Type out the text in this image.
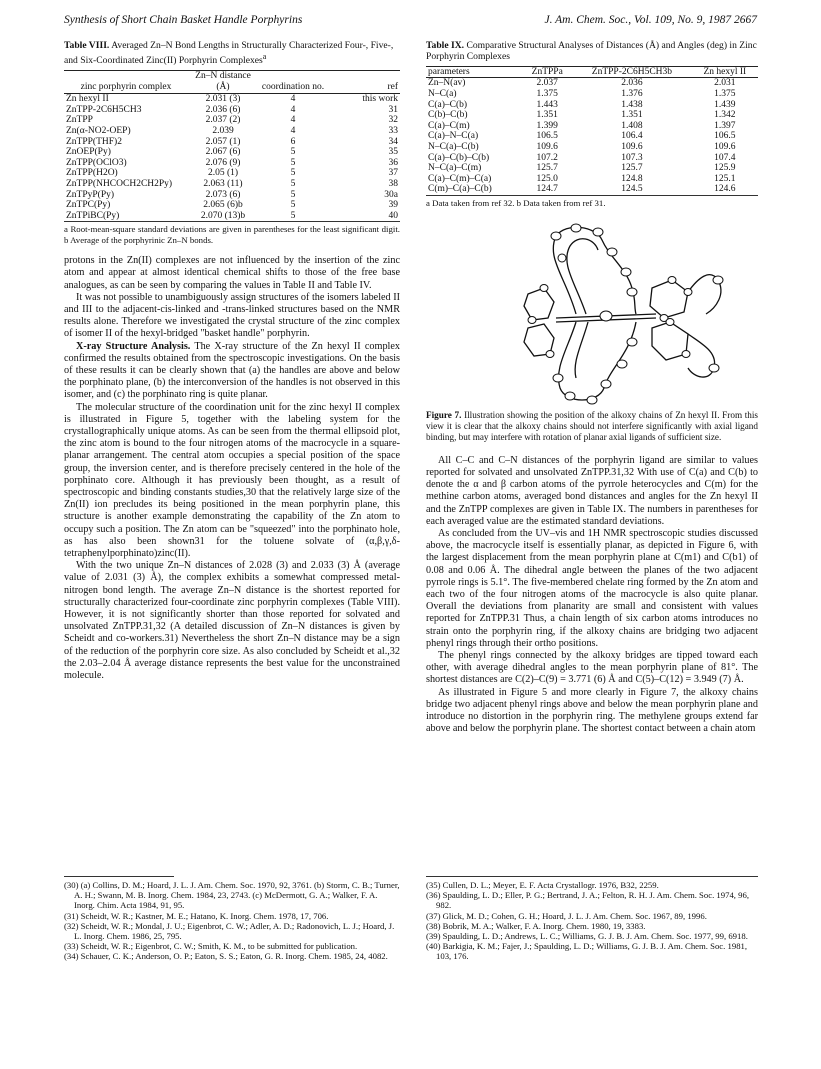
Synthesis of Short Chain Basket Handle Porphyrins	J. Am. Chem. Soc., Vol. 109, No. 9, 1987 2667

Table VIII. Averaged Zn–N Bond Lengths in Structurally Characterized Four-, Five-, and Six-Coordinated Zinc(II) Porphyrin Complexes$^a$

zinc porphyrin complex	Zn–N distance (Å)	coordination no.	ref

Zn hexyl II	2.031 (3)	4	this work
ZnTPP-2C6H5CH3	2.036 (6)	4	31
ZnTPP	2.037 (2)	4	32
Zn(α-NO2-OEP)	2.039	4	33
ZnTPP(THF)2	2.057 (1)	6	34
ZnOEP(Py)	2.067 (6)	5	35
ZnTPP(OClO3)	2.076 (9)	5	36
ZnTPP(H2O)	2.05 (1)	5	37
ZnTPP(NHCOCH2CH2Py)	2.063 (11)	5	38
ZnTPyP(Py)	2.073 (6)	5	30a
ZnTPC(Py)	2.065 (6)b	5	39
ZnTPiBC(Py)	2.070 (13)b	5	40

a Root-mean-square standard deviations are given in parentheses for the least significant digit. b Average of the porphyrinic Zn–N bonds.

protons in the Zn(II) complexes are not influenced by the insertion of the zinc atom and appear at almost identical chemical shifts to those of the free base analogues, as can be seen by comparing the values in Table II and Table IV.

It was not possible to unambiguously assign structures of the isomers labeled II and III to the adjacent-cis-linked and -trans-linked structures based on the NMR results alone. Therefore we investigated the crystal structure of the zinc complex of isomer II of the hexyl-bridged "basket handle" porphyrin.

X-ray Structure Analysis. The X-ray structure of the Zn hexyl II complex confirmed the results obtained from the spectroscopic investigations. On the basis of these results it can be clearly shown that (a) the handles are above and below the porphinato plane, (b) the interconversion of the handles is not observed in this isomer, and (c) the porphinato ring is quite planar.

The molecular structure of the coordination unit for the zinc hexyl II complex is illustrated in Figure 5, together with the labeling system for the crystallographically unique atoms. As can be seen from the thermal ellipsoid plot, the zinc atom is bound to the four nitrogen atoms of the macrocycle in a square-planar arrangement. The central atom occupies a special position of the space group, the inversion center, and is therefore precisely centered in the hole of the porphinato core. Although it has previously been thought, as a result of spectroscopic and binding constants studies,30 that the relatively large size of the Zn(II) ion precludes its being positioned in the mean porphyrin plane, this structure is another example demonstrating the capability of the Zn atom to occupy such a position. The Zn atom can be "squeezed" into the porphinato hole, as has also been shown31 for the toluene solvate of (α,β,γ,δ-tetraphenylporphinato)zinc(II).

With the two unique Zn–N distances of 2.028 (3) and 2.033 (3) Å (average value of 2.031 (3) Å), the complex exhibits a somewhat compressed metal-nitrogen bond length. The average Zn–N distance is the shortest reported for structurally characterized four-coordinate zinc porphyrin complexes (Table VIII). However, it is not significantly shorter than those reported for solvated and unsolvated ZnTPP.31,32 (A detailed discussion of Zn–N distances is given by Scheidt and co-workers.31) Nevertheless the short Zn–N distance may be a sign of the reduction of the porphyrin core size. As also concluded by Scheidt et al.,32 the 2.03–2.04 Å average distance represents the best value for the unconstrained molecule.

(30) (a) Collins, D. M.; Hoard, J. L. J. Am. Chem. Soc. 1970, 92, 3761. (b) Storm, C. B.; Turner, A. H.; Swann, M. B. Inorg. Chem. 1984, 23, 2743. (c) McDermott, G. A.; Walker, F. A. Inorg. Chim. Acta 1984, 91, 95.

(31) Scheidt, W. R.; Kastner, M. E.; Hatano, K. Inorg. Chem. 1978, 17, 706.

(32) Scheidt, W. R.; Mondal, J. U.; Eigenbrot, C. W.; Adler, A. D.; Radonovich, L. J.; Hoard, J. L. Inorg. Chem. 1986, 25, 795.

(33) Scheidt, W. R.; Eigenbrot, C. W.; Smith, K. M., to be submitted for publication.

(34) Schauer, C. K.; Anderson, O. P.; Eaton, S. S.; Eaton, G. R. Inorg. Chem. 1985, 24, 4082.

Table IX. Comparative Structural Analyses of Distances (Å) and Angles (deg) in Zinc Porphyrin Complexes

parameters	ZnTPPa	ZnTPP-2C6H5CH3b	Zn hexyl II
Zn–N(av)	2.037	2.036	2.031
N–C(a)	1.375	1.376	1.375
C(a)–C(b)	1.443	1.438	1.439
C(b)–C(b)	1.351	1.351	1.342
C(a)–C(m)	1.399	1.408	1.397
C(a)–N–C(a)	106.5	106.4	106.5
N–C(a)–C(b)	109.6	109.6	109.6
C(a)–C(b)–C(b)	107.2	107.3	107.4
N–C(a)–C(m)	125.7	125.7	125.9
C(a)–C(m)–C(a)	125.0	124.8	125.1
C(m)–C(a)–C(b)	124.7	124.5	124.6

a Data taken from ref 32. b Data taken from ref 31.

Figure 7. Illustration showing the position of the alkoxy chains of Zn hexyl II. From this view it is clear that the alkoxy chains should not interfere significantly with axial ligand binding, but may interfere with rotation of planar axial ligands of sufficient size.

All C–C and C–N distances of the porphyrin ligand are similar to values reported for solvated and unsolvated ZnTPP.31,32 With use of C(a) and C(b) to denote the α and β carbon atoms of the pyrrole heterocycles and C(m) for the methine carbon atoms, averaged bond distances and angles for the Zn hexyl II and the ZnTPP complexes are given in Table IX. The numbers in parentheses for each averaged value are the estimated standard deviations.

As concluded from the UV–vis and 1H NMR spectroscopic studies discussed above, the macrocycle itself is essentially planar, as depicted in Figure 6, with the largest displacement from the mean porphyrin plane at C(m1) and C(b1) of 0.08 and 0.06 Å. The dihedral angle between the planes of the two adjacent pyrrole rings is 5.1°. The five-membered chelate ring formed by the Zn atom and each two of the four nitrogen atoms of the macrocycle is also quite planar. Overall the deviations from planarity are small and consistent with values reported for ZnTPP.31 Thus, a chain length of six carbon atoms introduces no strain onto the porphyrin ring, if the alkoxy chains are bridging two adjacent phenyl rings through their ortho positions.

The phenyl rings connected by the alkoxy bridges are tipped toward each other, with average dihedral angles to the mean porphyrin plane of 81°. The shortest distances are C(2)–C(9) = 3.771 (6) Å and C(5)–C(12) = 3.949 (7) Å.

As illustrated in Figure 5 and more clearly in Figure 7, the alkoxy chains bridge two adjacent phenyl rings above and below the mean porphyrin plane and introduce no distortion in the porphyrin ring. The methylene groups extend far above and below the porphyrin plane. The shortest contact between a chain atom

(35) Cullen, D. L.; Meyer, E. F. Acta Crystallogr. 1976, B32, 2259.

(36) Spaulding, L. D.; Eller, P. G.; Bertrand, J. A.; Felton, R. H. J. Am. Chem. Soc. 1974, 96, 982.

(37) Glick, M. D.; Cohen, G. H.; Hoard, J. L. J. Am. Chem. Soc. 1967, 89, 1996.

(38) Bobrik, M. A.; Walker, F. A. Inorg. Chem. 1980, 19, 3383.

(39) Spaulding, L. D.; Andrews, L. C.; Williams, G. J. B. J. Am. Chem. Soc. 1977, 99, 6918.

(40) Barkigia, K. M.; Fajer, J.; Spaulding, L. D.; Williams, G. J. B. J. Am. Chem. Soc. 1981, 103, 176.
